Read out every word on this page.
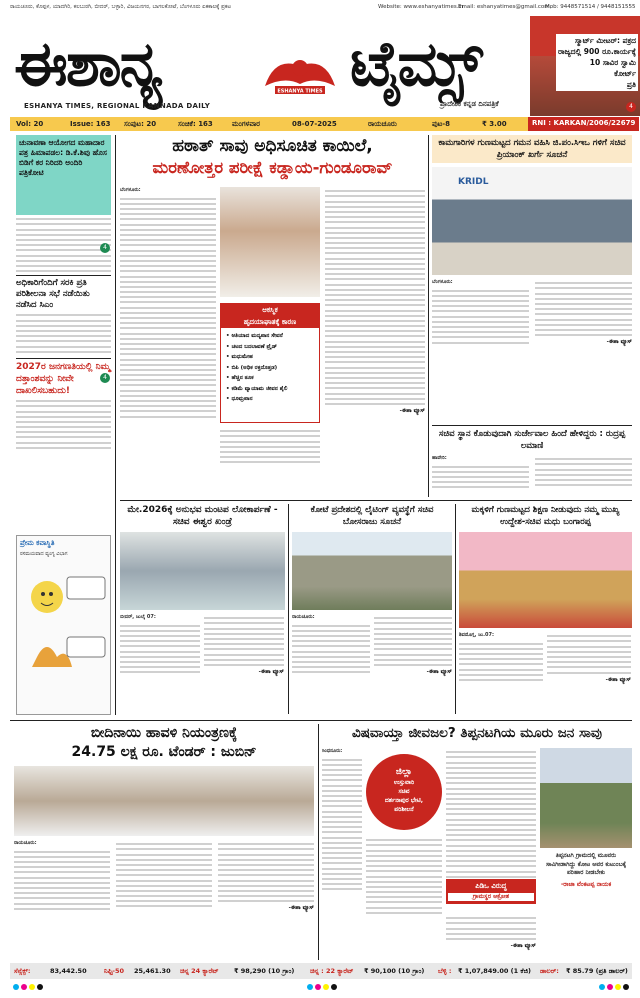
ರಾಯಚೂರು, ಕೊಪ್ಪಳ, ಯಾದಗಿರಿ, ಕಲಬುರಗಿ, ಬೀದರ್, ಬಳ್ಳಾರಿ, ವಿಜಯನಗರ, ಬಾಗಲಕೋಟೆ, ಬೆಂಗಳೂರು ಏಕಕಾಲಕ್ಕೆ ಪ್ರಕಟ	Website: www.eshanyatimes.in
Email: eshanyatimes@gmail.com,
Mob: 9448571514 / 9448151555
ಈಶಾನ್ಯ	ESHANYA TIMES ಟೈಮ್ಸ್
ESHANYA TIMES, REGIONAL KANNADA DAILY	ಪ್ರಾದೇಶಿಕ ಕನ್ನಡ ದಿನಪತ್ರಿಕೆ
ಸ್ಮಾರ್ಟ್ ಮೀಟರ್: ಪಕ್ರದ
ರಾಜ್ಯದಲ್ಲಿ 900 ರೂ.ಕಾರ್ಯಕ್ಕೆ
10 ಸಾವಿರ ಸ್ವಾಮಿ
ಕೋರ್ಟ್
ಪ್ರತಿ
4
Vol: 20	Issue: 163 ಸಂಪುಟ: 20	ಸಂಚಿಕೆ: 163	ಮಂಗಳವಾರ	08-07-2025	ರಾಯಚೂರು	ಪುಟ-8	₹ 3.00	RNI : KARKAN/2006/22679
ಚುನಾವಣಾ ಆಯೋಗದ ಮಹಾದಾರ ಪತ್ರ ಹಿಮಾಪಡಲ: ಡಿ.ಕೆ.ಶಿವು ಹೊಸ ಬಿಡಿಗೆ ಕರ ನಿರಿದರಿ ಅಂದಿರಿ ಪತ್ರಿಕೋಟಿ
ಅಧಿಕಾರಿಗೆಂದಿಗೆ ಸರಕಿ ಪ್ರತಿ ಪರಿಶೀಲನಾ ಸಭೆ ನಡೆಯಿತು ನಡೆಸಿದ ಸಿಎಂ
2027ರ ಜನಗಣತಿಯಲ್ಲಿ ನಿಮ್ಮ ದತ್ತಾಂಶವನ್ನು ನೀವೇ ದಾಖಲಿಸಬಹುದು!
ಪ್ರೇಮ ಕವಾಸ್ಥಿತಿ
ರಸಮಯವಾದ ವ್ಯಂಗ್ಯ ವಿಭಾಗ
4
4
ಹಠಾತ್ ಸಾವು ಅಧಿಸೂಚಿತ ಕಾಯಿಲೆ,
ಮರಣೋತ್ತರ ಪರೀಕ್ಷೆ ಕಡ್ಡಾಯ-ಗುಂಡೂರಾವ್
ಬೆಂಗಳೂರು:
ಆಕಸ್ಮಿಕ
ಹೃದಯಾಘಾತಕ್ಕೆ ಕಾರಣ
• ಅತಿಯಾದ ಮದ್ಯಪಾನ ಸೇವನೆ
• ಚಟದ ಬದಲಾವಣೆ ಪ್ರೈಡ್
• ಮಧುಮೇಹ
• ಬಿಪಿ (ಅಧಿಕ ರಕ್ತದೊತ್ತಡ)
• ಹೆಚ್ಚಿನ ತೂಕ
• ಕಡಿಮೆ ವ್ಯಾಯಾಮ ಜೀವನ ಶೈಲಿ
• ಧೂಮ್ರಪಾನ
-ಈಶಾ ವ್ಯೂಸ್
ಕಾಮಗಾರಿಗಳ ಗುಣಮಟ್ಟದ ಗಮನ ವಹಿಸಿ ಜಿ.ಪಂ.ಸಿಇಒ ಗಳಿಗೆ ಸಚಿವ ಪ್ರಿಯಾಂಕ್ ಖರ್ಗೆ ಸೂಚನೆ
KRIDL
ಬೆಂಗಳೂರು:
-ಈಶಾ ವ್ಯೂಸ್
ಸಚಿವ ಸ್ಥಾನ ಕೊಡುವುದಾಗಿ ಸುರ್ಜೇವಾಲ ಹಿಂದೆ ಹೇಳಿದ್ದರು : ರುದ್ರಪ್ಪ ಲಮಾಣಿ
ಹಾವೇರಿ:
ಮೇ.2026ಕ್ಕೆ ಅನುಭವ ಮಂಟಪ ಲೋಕಾರ್ಪಣೆ - ಸಚಿವ ಈಶ್ವರ ಖಂಡ್ರೆ
ಬೀದರ್, ಜುಲೈ 07:
-ಈಶಾ ವ್ಯೂಸ್
ಕೋಟೆ ಪ್ರದೇಶದಲ್ಲಿ ಲೈಟಿಂಗ್ ವ್ಯವಸ್ಥೆಗೆ ಸಚಿವ ಬೋಸರಾಜು ಸೂಚನೆ
ರಾಯಚೂರು:
-ಈಶಾ ವ್ಯೂಸ್
ಮಕ್ಕಳಿಗೆ ಗುಣಮಟ್ಟದ ಶಿಕ್ಷಣ ನೀಡುವುದು ನಮ್ಮ ಮುಖ್ಯ ಉದ್ದೇಶ-ಸಚಿವ ಮಧು ಬಂಗಾರಪ್ಪ
ಶಿವಮೊಗ್ಗ, ಜು.07:
-ಈಶಾ ವ್ಯೂಸ್
ಬೀದಿನಾಯಿ ಹಾವಳಿ ನಿಯಂತ್ರಣಕ್ಕೆ
24.75 ಲಕ್ಷ ರೂ. ಟೆಂಡರ್ : ಜುಬಿನ್
ರಾಯಚೂರು:
-ಈಶಾ ವ್ಯೂಸ್
ವಿಷವಾಯ್ತಾ ಜೀವಜಲ? ತಿಪ್ಪನಟಗಿಯ ಮೂರು ಜನ ಸಾವು
ಸಿಂಧನೂರು:
ಜಿಲ್ಲಾ
ಉಸ್ತುವಾರಿ
ಸಚಿವ
ದರ್ಶನಾಪುರ ಭೇಟಿ,
ಪರಿಶೀಲನೆ
ಪಿಡಿಒ ವಿರುದ್ಧ
ಗ್ರಾಮಸ್ಥರ ಆಕ್ರೋಶ
-ಈಶಾ ವ್ಯೂಸ್
ತಿಪ್ಪನಟಗಿ ಗ್ರಾಮದಲ್ಲಿ ಮೂವರು ಸಾವಿಗೀಡಾಗಿದ್ದು ಕೋಟ ಅವರ ಕುಟುಂಬಕ್ಕೆ ಪರಿಹಾರ ನೀಡಬೇಕು
-ರಾಜಾ ವೆಂಕಟಪ್ಪ ನಾಯಕ
ಸೆನ್ಸೆಕ್ಸ್:	83,442.50	ನಿಫ್ಟಿ-50 25,461.30 ಚಿನ್ನ 24 ಕ್ಯಾರೆಟ್ ₹ 98,290 (10 ಗ್ರಾಂ) ಚಿನ್ನ : 22 ಕ್ಯಾರೆಟ್ ₹ 90,100 (10 ಗ್ರಾಂ) ಬೆಳ್ಳಿ : ₹ 1,07,849.00 (1 ಕೆಜಿ) ಡಾಲರ್: ₹ 85.79 (ಪ್ರತಿ ಡಾಲರ್)
